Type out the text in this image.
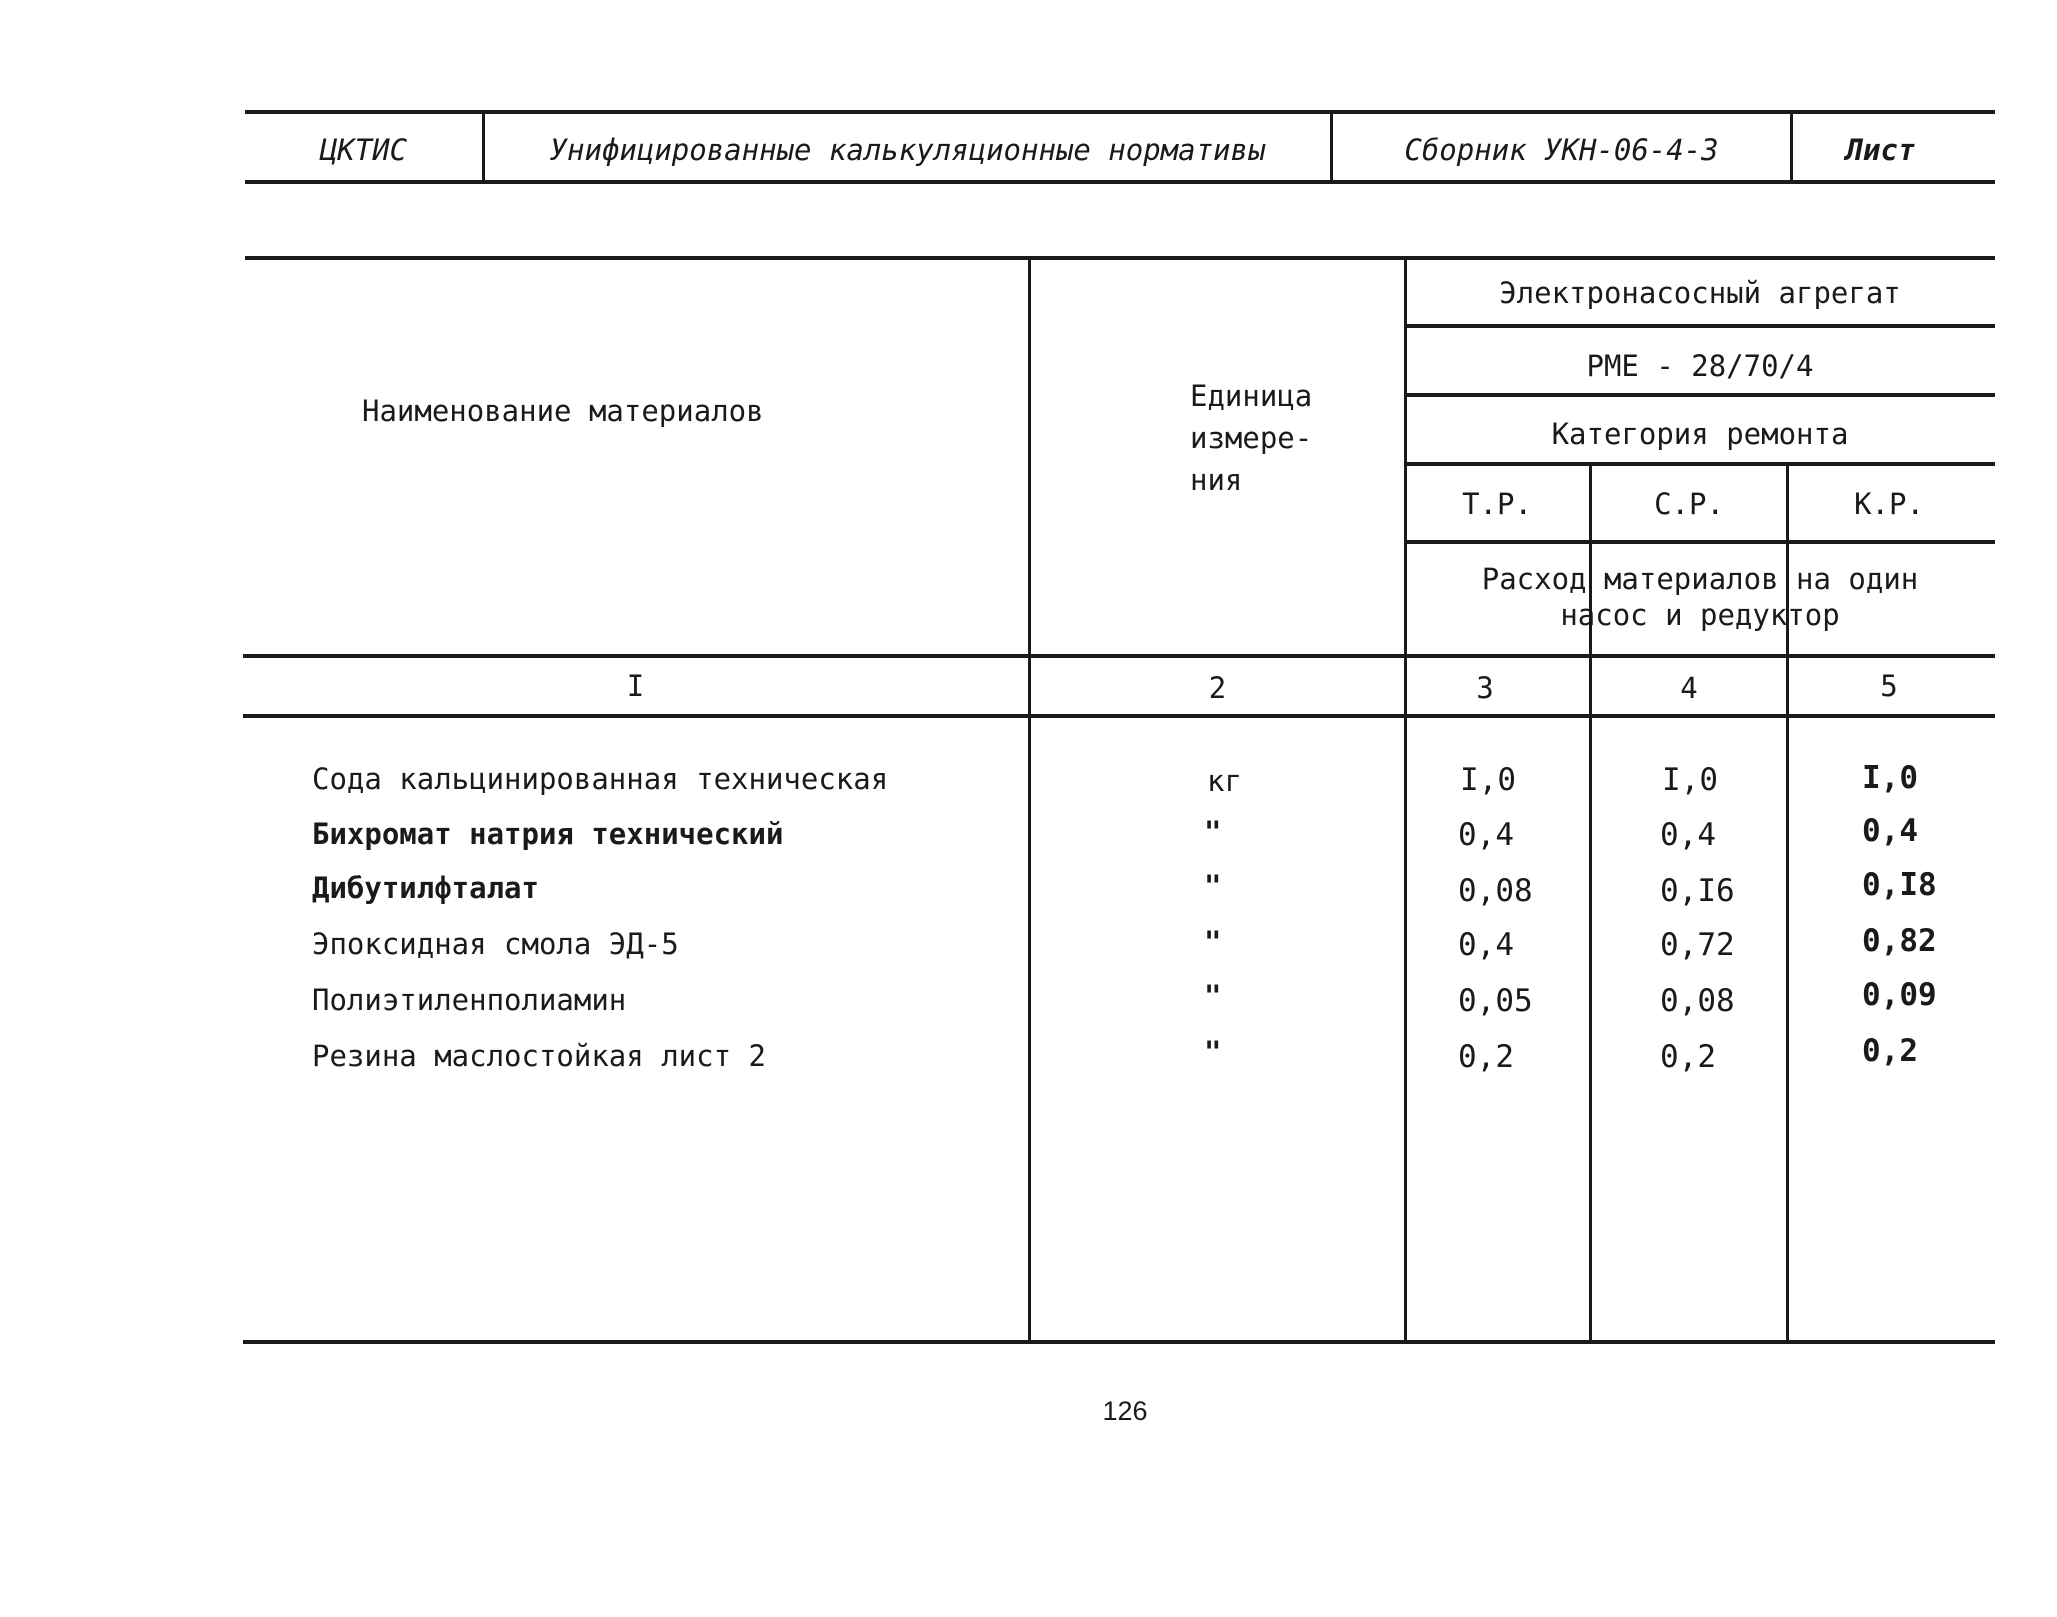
ЦКТИС	Унифицированные калькуляционные нормативы	Сборник УКН-06-4-3	Лист
Наименование материалов	Единица
измере-
ния
Электронасосный агрегат
РМЕ - 28/70/4
Категория ремонта
Т.Р.	С.Р.	К.Р.
Расход материалов на один
насос и редуктор
I	2	3	4	5
Сода кальцинированная техническая	кг	I,0	I,0	I,0
Бихромат натрия технический	"	0,4	0,4	0,4
Дибутилфталат	"	0,08	0,I6	0,I8
Эпоксидная смола ЭД-5	"	0,4	0,72	0,82
Полиэтиленполиамин	"	0,05	0,08	0,09
Резина маслостойкая лист 2	"	0,2	0,2	0,2
126
